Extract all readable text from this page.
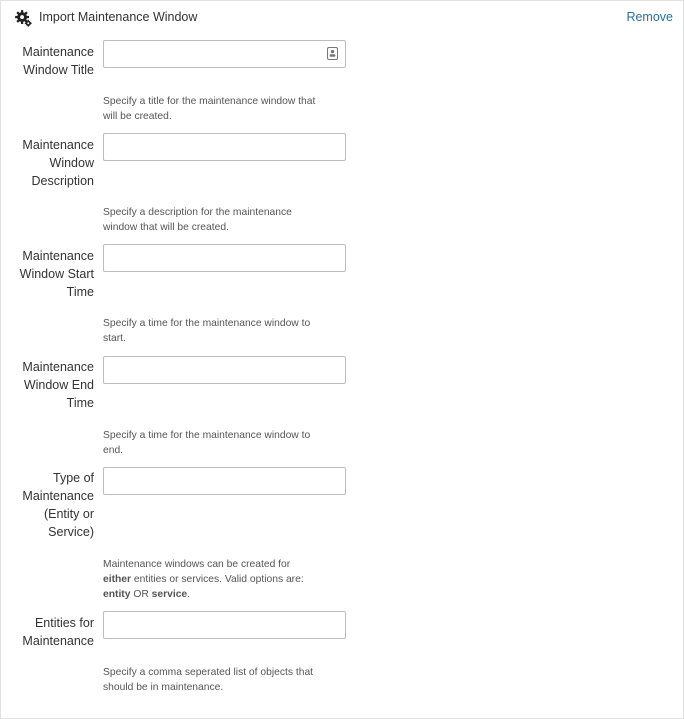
Import Maintenance Window	Remove
Maintenance
Window Title
Specify a title for the maintenance window that will be created.
Maintenance
Window
Description
Specify a description for the maintenance window that will be created.
Maintenance
Window Start
Time
Specify a time for the maintenance window to start.
Maintenance
Window End
Time
Specify a time for the maintenance window to end.
Type of
Maintenance
(Entity or
Service)
Maintenance windows can be created for
either entities or services. Valid options are:
entity OR service.
Entities for
Maintenance
Specify a comma seperated list of objects that should be in maintenance.
